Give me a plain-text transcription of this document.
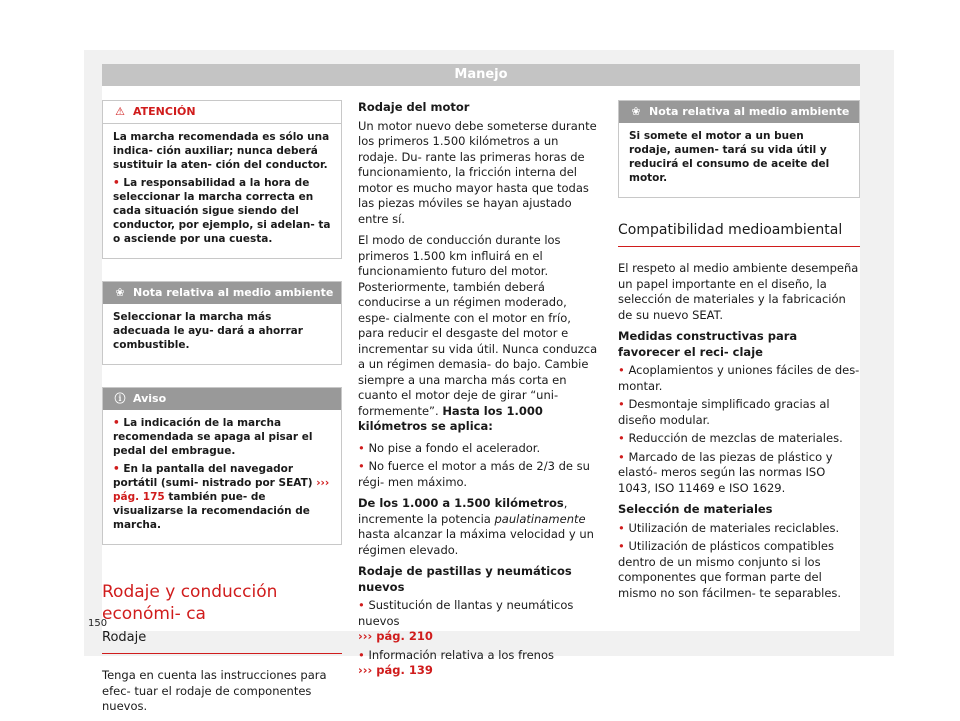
Manejo
⚠ ATENCIÓN

La marcha recomendada es sólo una indica- ción auxiliar; nunca deberá sustituir la aten- ción del conductor.

• La responsabilidad a la hora de seleccionar la marcha correcta en cada situación sigue siendo del conductor, por ejemplo, si adelan- ta o asciende por una cuesta.

❀ Nota relativa al medio ambiente

Seleccionar la marcha más adecuada le ayu- dará a ahorrar combustible.

ⓘ Aviso

• La indicación de la marcha recomendada se apaga al pisar el pedal del embrague.

• En la pantalla del navegador portátil (sumi- nistrado por SEAT) ››› pág. 175 también pue- de visualizarse la recomendación de marcha.

Rodaje y conducción económi- ca
Rodaje

Tenga en cuenta las instrucciones para efec- tuar el rodaje de componentes nuevos.

Rodaje del motor

Un motor nuevo debe someterse durante los primeros 1.500 kilómetros a un rodaje. Du- rante las primeras horas de funcionamiento, la fricción interna del motor es mucho mayor hasta que todas las piezas móviles se hayan ajustado entre sí.

El modo de conducción durante los primeros 1.500 km influirá en el funcionamiento futuro del motor. Posteriormente, también deberá conducirse a un régimen moderado, espe- cialmente con el motor en frío, para reducir el desgaste del motor e incrementar su vida útil. Nunca conduzca a un régimen demasia- do bajo. Cambie siempre a una marcha más corta en cuanto el motor deje de girar “uni- formemente”. Hasta los 1.000 kilómetros se aplica:

• No pise a fondo el acelerador.
• No fuerce el motor a más de 2/3 de su régi- men máximo.

De los 1.000 a 1.500 kilómetros, incremente la potencia paulatinamente hasta alcanzar la máxima velocidad y un régimen elevado.

Rodaje de pastillas y neumáticos nuevos
• Sustitución de llantas y neumáticos nuevos
››› pág. 210
• Información relativa a los frenos
››› pág. 139
❀ Nota relativa al medio ambiente

Si somete el motor a un buen rodaje, aumen- tará su vida útil y reducirá el consumo de aceite del motor.

Compatibilidad medioambiental

El respeto al medio ambiente desempeña un papel importante en el diseño, la selección de materiales y la fabricación de su nuevo SEAT.

Medidas constructivas para favorecer el reci- claje
• Acoplamientos y uniones fáciles de des- montar.
• Desmontaje simplificado gracias al diseño modular.
• Reducción de mezclas de materiales.
• Marcado de las piezas de plástico y elastó- meros según las normas ISO 1043, ISO 11469 e ISO 1629.
Selección de materiales
• Utilización de materiales reciclables.
• Utilización de plásticos compatibles dentro de un mismo conjunto si los componentes que forman parte del mismo no son fácilmen- te separables.
150
